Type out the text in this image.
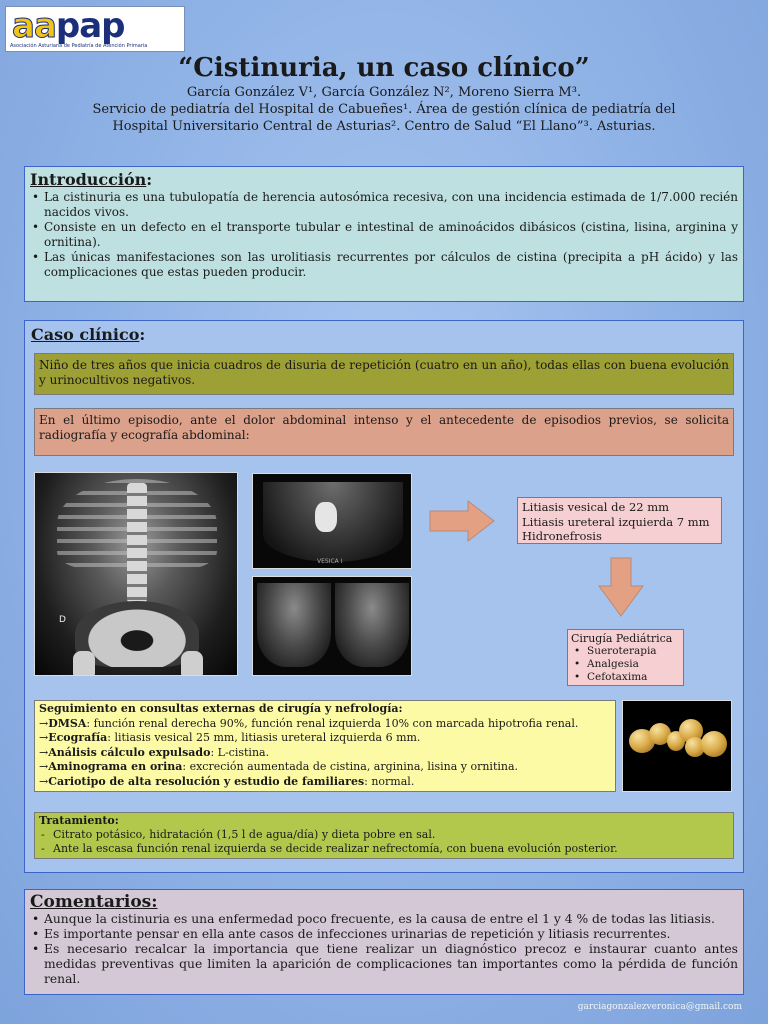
aapap
Asociación Asturiana de Pediatría de Atención Primaria
“Cistinuria, un caso clínico”
García González V¹, García González N², Moreno Sierra M³.
Servicio de pediatría del Hospital de Cabueñes¹. Área de gestión clínica de pediatría del
Hospital Universitario Central de Asturias². Centro de Salud “El Llano”³. Asturias.
Introducción:
• La cistinuria es una tubulopatía de herencia autosómica recesiva, con una incidencia estimada de 1/7.000 recién nacidos vivos.
• Consiste en un defecto en el transporte tubular e intestinal de aminoácidos dibásicos (cistina, lisina, arginina y ornitina).
• Las únicas manifestaciones son las urolitiasis recurrentes por cálculos de cistina (precipita a pH ácido) y las complicaciones que estas pueden producir.
Caso clínico:
Niño de tres años que inicia cuadros de disuria de repetición (cuatro en un año), todas ellas con buena evolución y urinocultivos negativos.
En el último episodio, ante el dolor abdominal intenso y el antecedente de episodios previos, se solicita radiografía y ecografía abdominal:
D
VESICA I
Litiasis vesical de 22 mm
Litiasis ureteral izquierda 7 mm
Hidronefrosis
Cirugía Pediátrica
• Sueroterapia
• Analgesia
• Cefotaxima
Seguimiento en consultas externas de cirugía y nefrología:
→DMSA: función renal derecha 90%, función renal izquierda 10% con marcada hipotrofia renal.
→Ecografía: litiasis vesical 25 mm, litiasis ureteral izquierda 6 mm.
→Análisis cálculo expulsado: L-cistina.
→Aminograma en orina: excreción aumentada de cistina, arginina, lisina y ornitina.
→Cariotipo de alta resolución y estudio de familiares: normal.
Tratamiento:
- Citrato potásico, hidratación (1,5 l de agua/día) y dieta pobre en sal.
- Ante la escasa función renal izquierda se decide realizar nefrectomía, con buena evolución posterior.
Comentarios:
• Aunque la cistinuria es una enfermedad poco frecuente, es la causa de entre el 1 y 4 % de todas las litiasis.
• Es importante pensar en ella ante casos de infecciones urinarias de repetición y litiasis recurrentes.
• Es necesario recalcar la importancia que tiene realizar un diagnóstico precoz e instaurar cuanto antes medidas preventivas que limiten la aparición de complicaciones tan importantes como la pérdida de función renal.
garciagonzalezveronica@gmail.com
